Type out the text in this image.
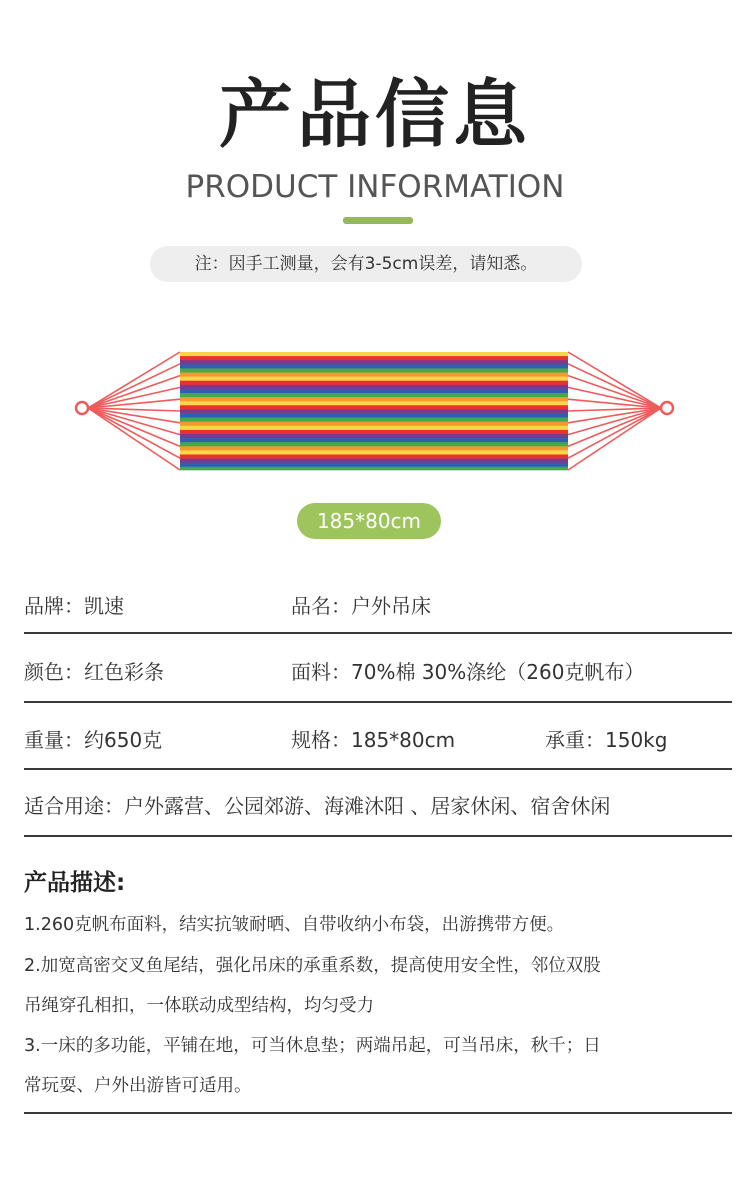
产品信息
PRODUCT INFORMATION
注：因手工测量，会有3-5cm误差，请知悉。
185*80cm
品牌：凯速	品名：户外吊床
颜色：红色彩条	面料：70%棉 30%涤纶（260克帆布）
重量：约650克	规格：185*80cm	承重：150kg
适合用途：户外露营、公园郊游、海滩沐阳 、居家休闲、宿舍休闲
产品描述:
1.260克帆布面料，结实抗皱耐晒、自带收纳小布袋，出游携带方便。
2.加宽高密交叉鱼尾结，强化吊床的承重系数，提高使用安全性，邻位双股
吊绳穿孔相扣，一体联动成型结构，均匀受力
3.一床的多功能，平铺在地，可当休息垫；两端吊起，可当吊床，秋千；日
常玩耍、户外出游皆可适用。
